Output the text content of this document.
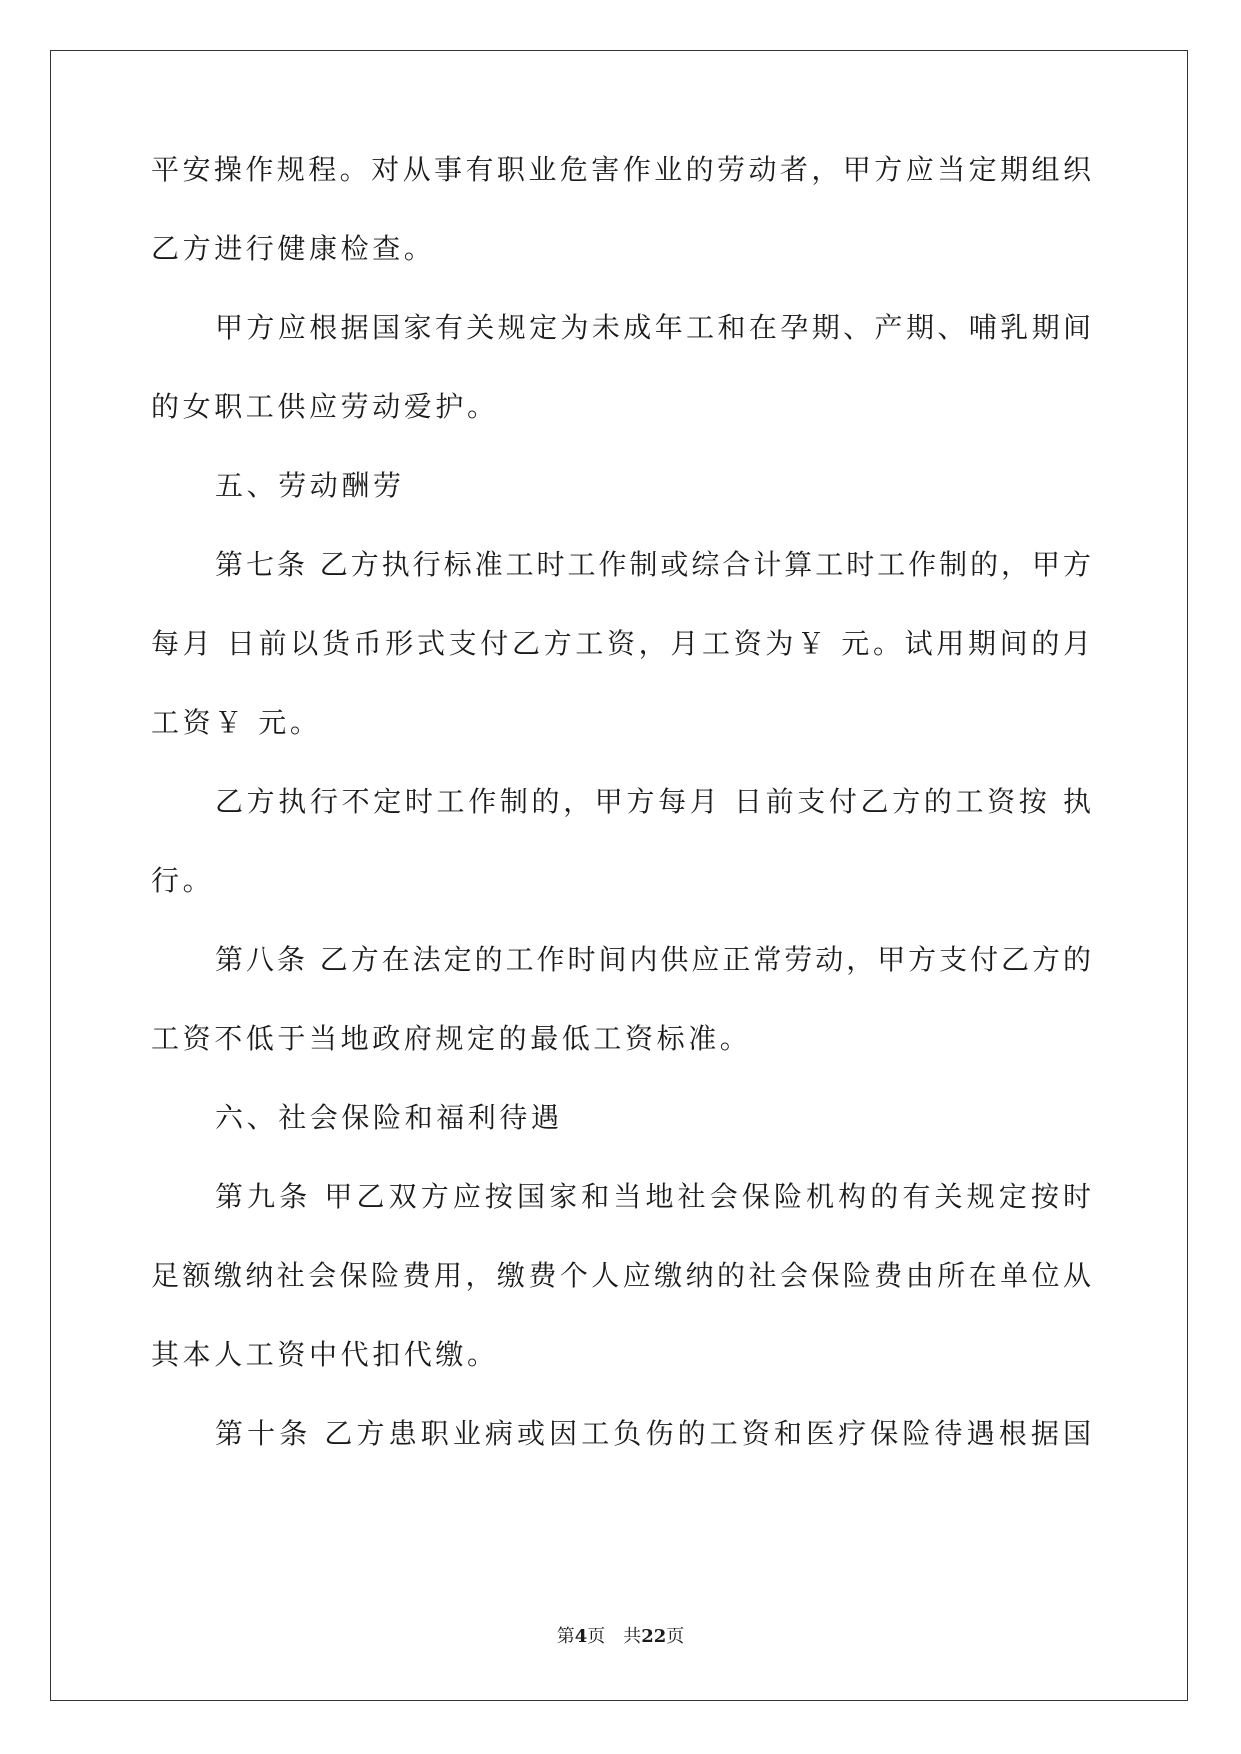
平安操作规程。对从事有职业危害作业的劳动者，甲方应当定期组织
乙方进行健康检查。
甲方应根据国家有关规定为未成年工和在孕期、产期、哺乳期间
的女职工供应劳动爱护。
五、劳动酬劳
第七条 乙方执行标准工时工作制或综合计算工时工作制的，甲方
每月 日前以货币形式支付乙方工资，月工资为￥ 元。试用期间的月
工资￥ 元。
乙方执行不定时工作制的，甲方每月 日前支付乙方的工资按 执
行。
第八条 乙方在法定的工作时间内供应正常劳动，甲方支付乙方的
工资不低于当地政府规定的最低工资标准。
六、社会保险和福利待遇
第九条 甲乙双方应按国家和当地社会保险机构的有关规定按时
足额缴纳社会保险费用，缴费个人应缴纳的社会保险费由所在单位从
其本人工资中代扣代缴。
第十条 乙方患职业病或因工负伤的工资和医疗保险待遇根据国
第4页　共22页
